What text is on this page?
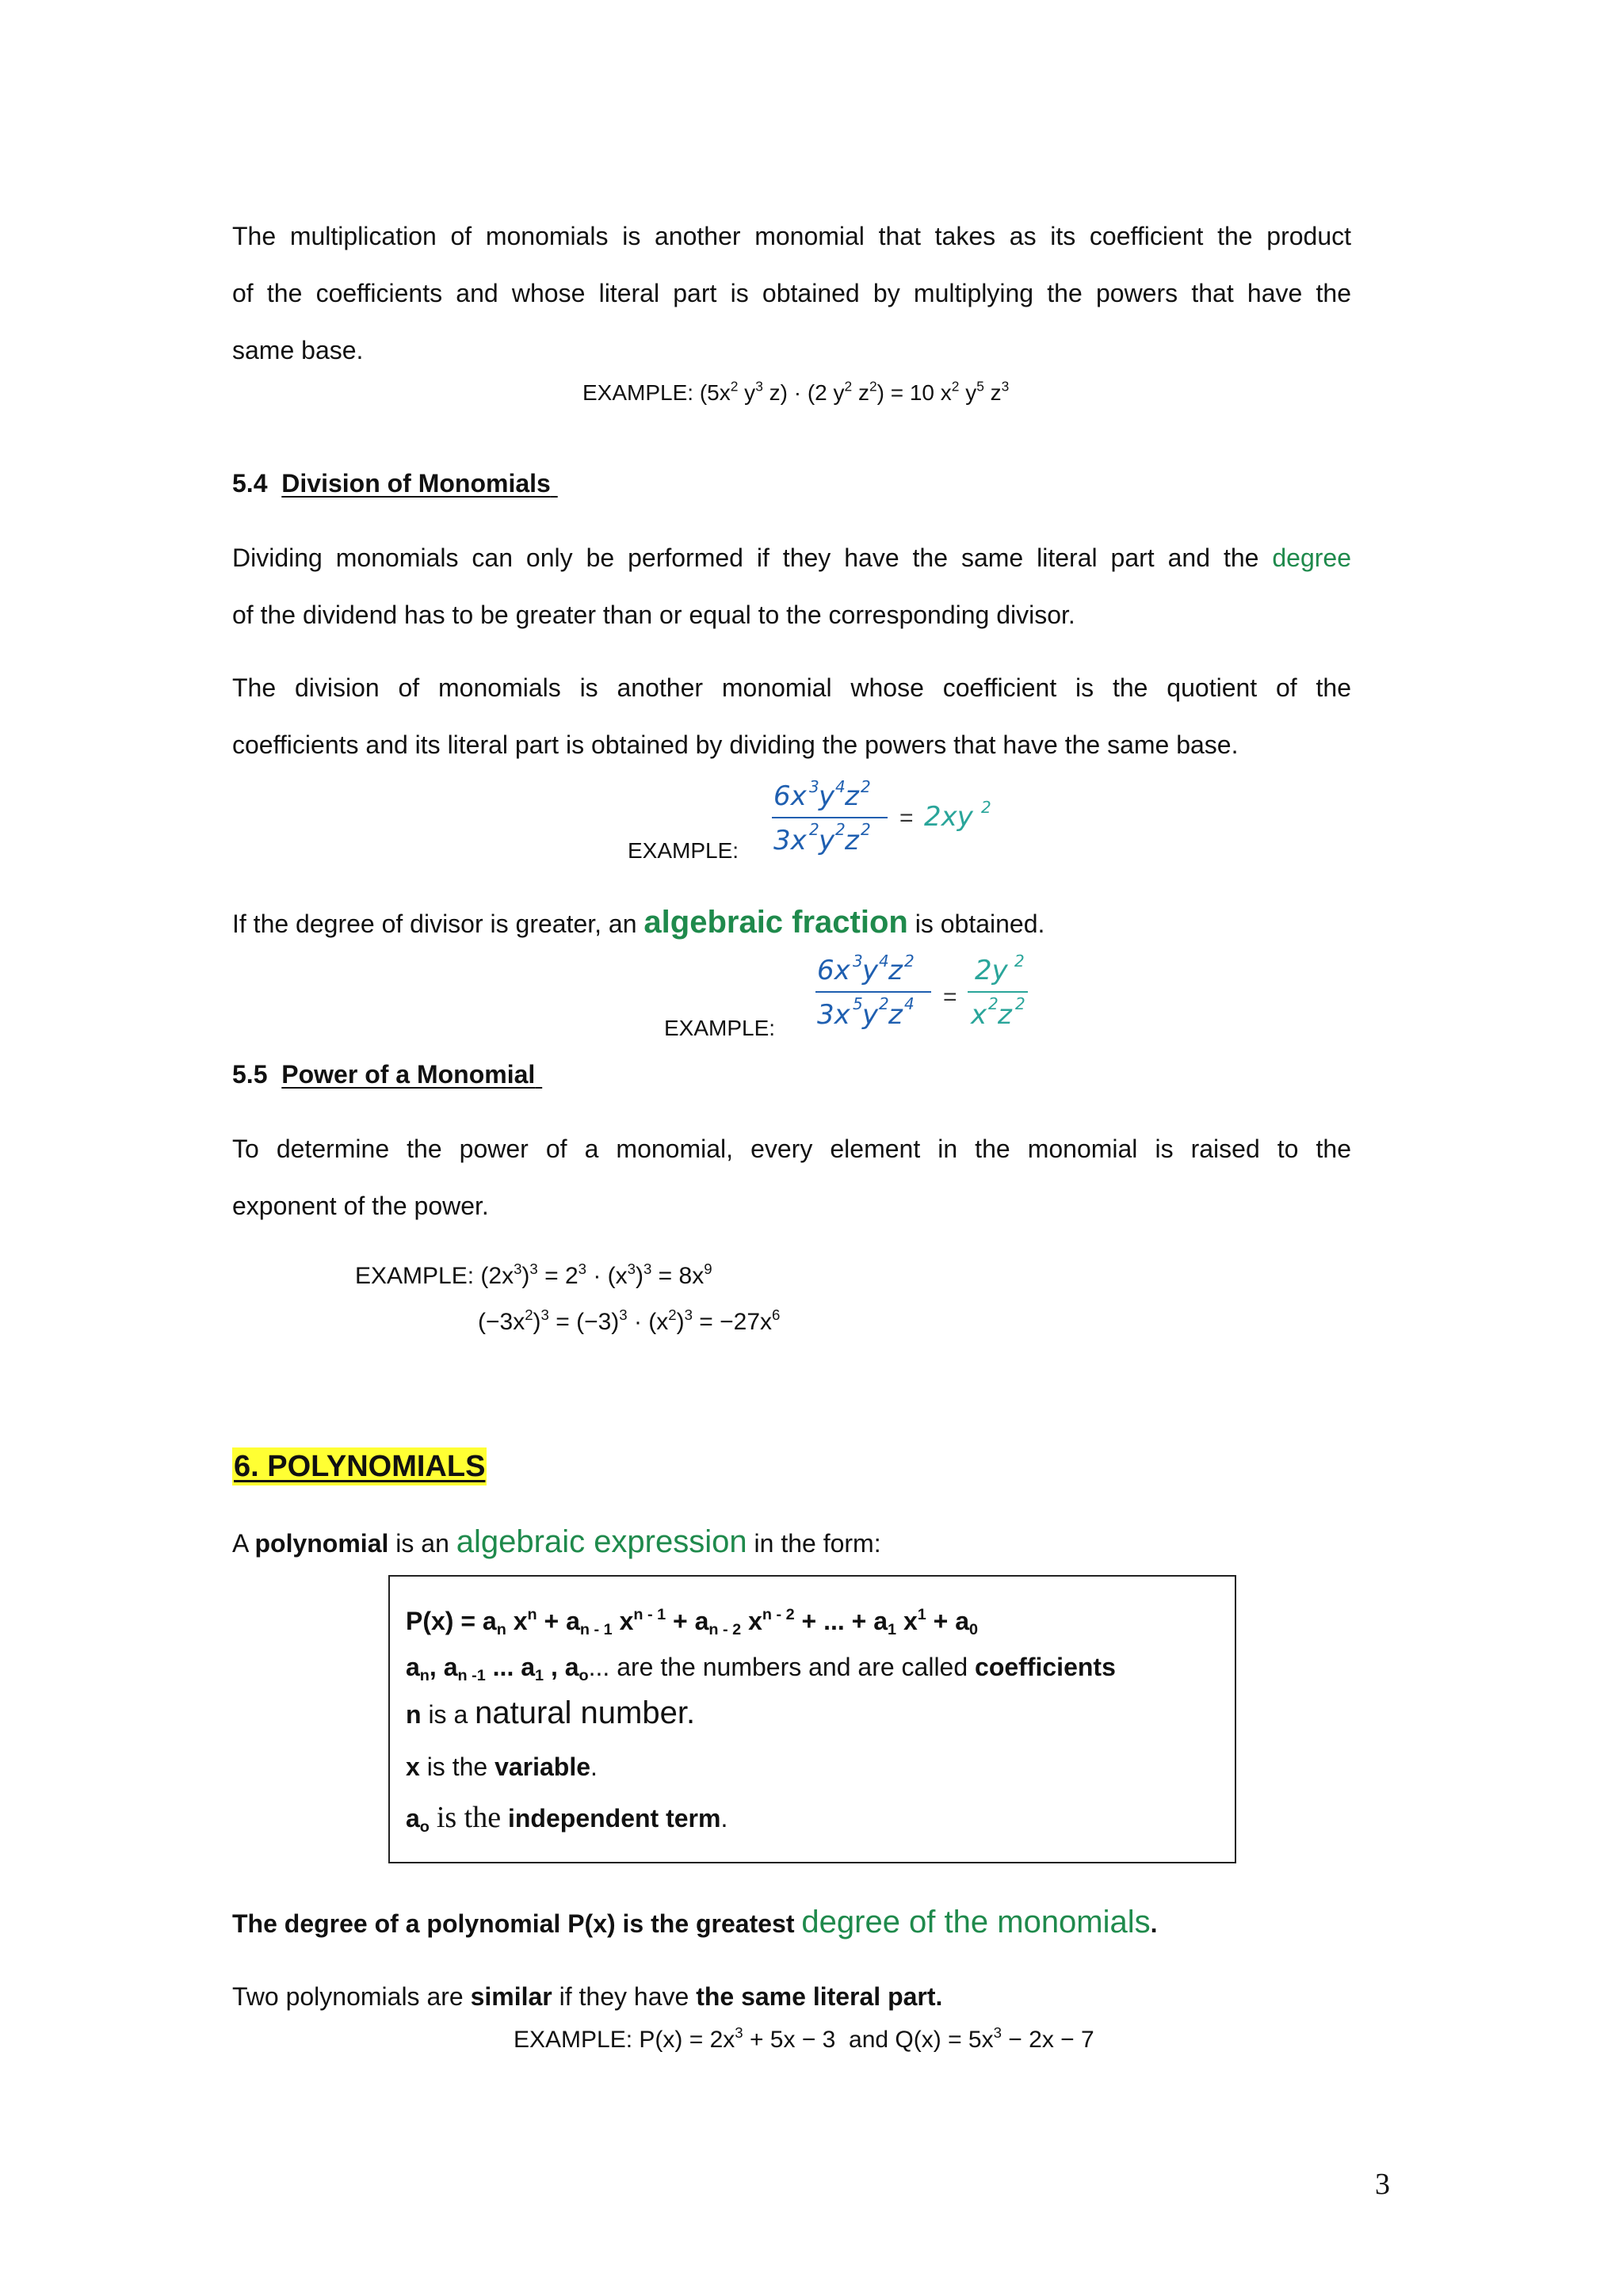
The multiplication of monomials is another monomial that takes as its coefficient the product

of the coefficients and whose literal part is obtained by multiplying the powers that have the

same base.

EXAMPLE: ($5x^2$ $y^3$ z) · (2 $y^2$ $z^2) = 10$ $x^2$ $y^5$ $z^3$
5.4 Division of Monomials

Dividing monomials can only be performed if they have the same literal part and the degree

of the dividend has to be greater than or equal to the corresponding divisor.

The division of monomials is another monomial whose coefficient is the quotient of the

coefficients and its literal part is obtained by dividing the powers that have the same base.

EXAMPLE:
6x 3 y 4 z 2
3x 2 y 2 z 2 = 2xy 2

If the degree of divisor is greater, an algebraic fraction is obtained.

EXAMPLE:
6x 3 y 4 z 2
3x 5 y 2 z 4 =
2y 2
x 2 z 2
5.5 Power of a Monomial

To determine the power of a monomial, every element in the monomial is raised to the

exponent of the power.

EXAMPLE: $(2x^3)^3 = 2^3 \cdot (x^3)^3 = 8x^9$
$(-3x^2)^3 = (-3)^3 \cdot (x^2)^3 = -27x^6$
6. POLYNOMIALS

A polynomial is an algebraic expression in the form:

$P(x) = a_n$ $x^n + a_{n - 1}$ $x^{n - 1} + a_{n - 2}$ $x^{n - 2}$ + ... + $a_1$ $x^1 + a_0$
$a_n$, $a_{n -1}$ ... $a_1$ , $a_o$... are the numbers and are called coefficients
n is a natural number.
x is the variable.
$a_o$ is the independent term.

The degree of a polynomial P(x) is the greatest degree of the monomials.

Two polynomials are similar if they have the same literal part.

EXAMPLE: $P(x) = 2x^3 + 5x - 3$  and $Q(x) = 5x^3 - 2x - 7$
3
